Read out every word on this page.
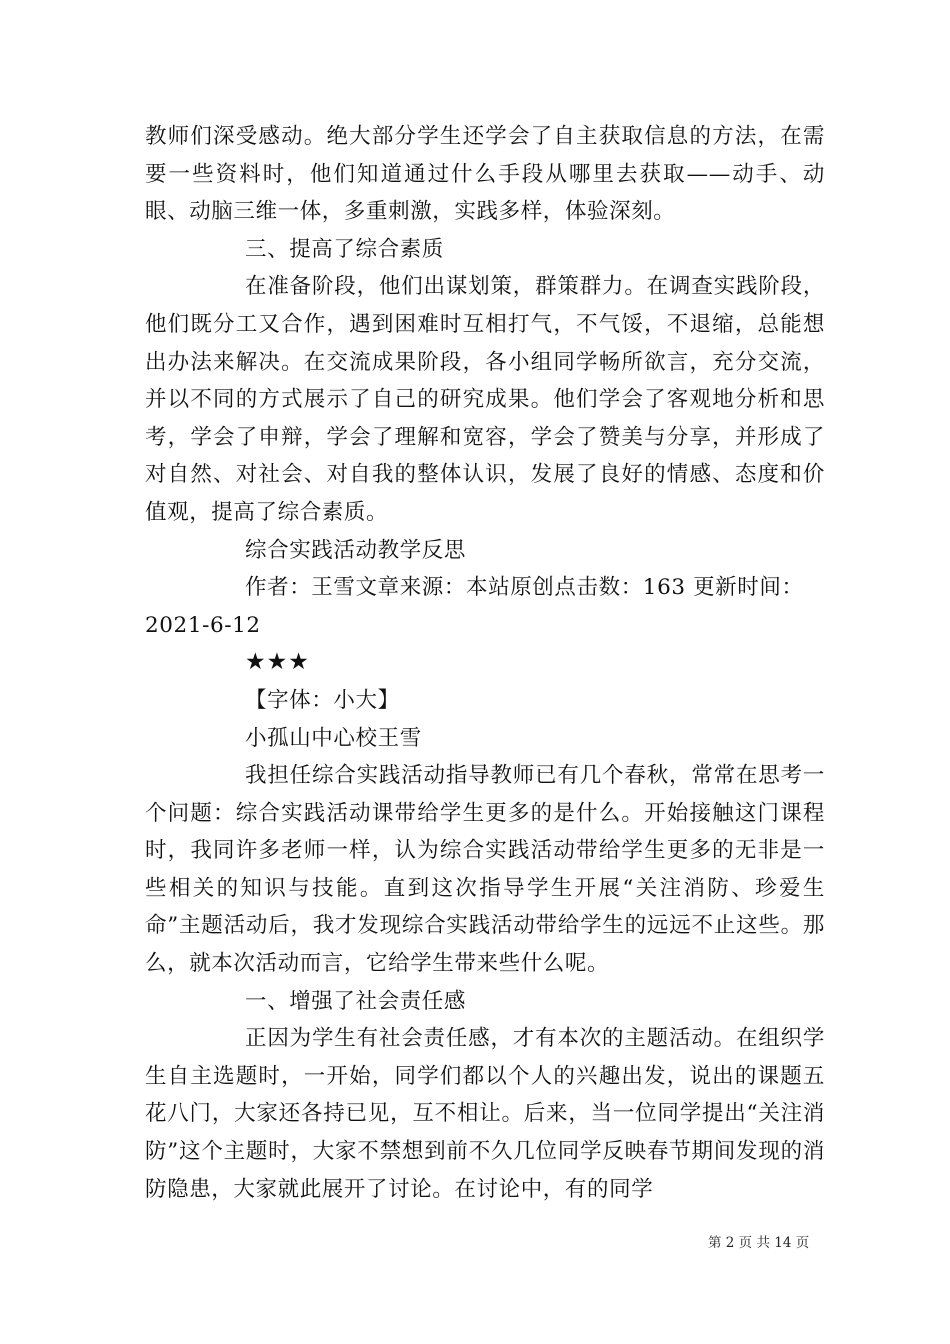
教师们深受感动。绝大部分学生还学会了自主获取信息的方法，在需要一些资料时，他们知道通过什么手段从哪里去获取——动手、动眼、动脑三维一体，多重刺激，实践多样，体验深刻。

三、提高了综合素质

在准备阶段，他们出谋划策，群策群力。在调查实践阶段，他们既分工又合作，遇到困难时互相打气，不气馁，不退缩，总能想出办法来解决。在交流成果阶段，各小组同学畅所欲言，充分交流，并以不同的方式展示了自己的研究成果。他们学会了客观地分析和思考，学会了申辩，学会了理解和宽容，学会了赞美与分享，并形成了对自然、对社会、对自我的整体认识，发展了良好的情感、态度和价值观，提高了综合素质。

综合实践活动教学反思

作者：王雪文章来源：本站原创点击数：163 更新时间：
2021-6-12

★★★

【字体：小大】

小孤山中心校王雪

我担任综合实践活动指导教师已有几个春秋，常常在思考一个问题：综合实践活动课带给学生更多的是什么。开始接触这门课程时，我同许多老师一样，认为综合实践活动带给学生更多的无非是一些相关的知识与技能。直到这次指导学生开展“关注消防、珍爱生命”主题活动后，我才发现综合实践活动带给学生的远远不止这些。那么，就本次活动而言，它给学生带来些什么呢。

一、增强了社会责任感

正因为学生有社会责任感，才有本次的主题活动。在组织学生自主选题时，一开始，同学们都以个人的兴趣出发，说出的课题五花八门，大家还各持已见，互不相让。后来，当一位同学提出“关注消防”这个主题时，大家不禁想到前不久几位同学反映春节期间发现的消防隐患，大家就此展开了讨论。在讨论中，有的同学

第 2 页 共 14 页
